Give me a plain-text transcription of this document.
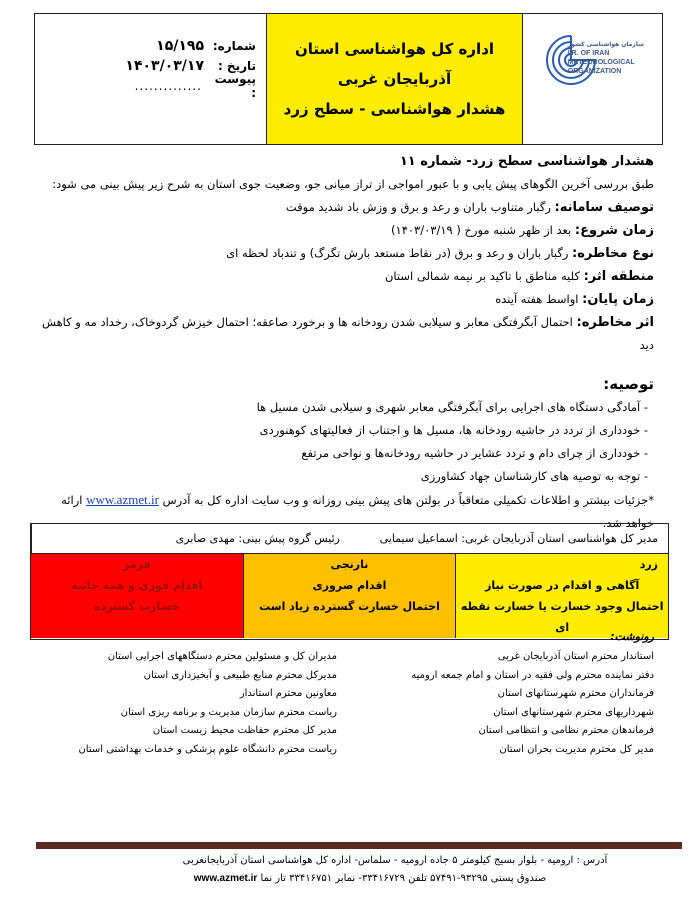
سازمان هواشناسی کشور
I.R. OF IRAN
METEOROLOGICAL
ORGANIZATION
اداره کل هواشناسی استان آذربایجان غربی
هشدار هواشناسی - سطح زرد
شماره:
۱۵/۱۹۵
تاریخ :
۱۴۰۳/۰۳/۱۷
پیوست :
..............
هشدار هواشناسی سطح زرد- شماره ۱۱
طبق بررسی آخرین الگوهای پیش یابی و با عبور امواجی از تراز میانی جو، وضعیت جوی استان به شرح زیر پیش بینی می شود:
توصیف سامانه: رگبار متناوب باران و رعد و برق و وزش باد شدید موقت
زمان شروع: بعد از ظهر شنبه مورخ ( ۱۴۰۳/۰۳/۱۹)
نوع مخاطره: رگبار باران و رعد و برق (در نقاط مستعد بارش تگرگ) و تندباد لحظه ای
منطقه اثر: کلیه مناطق با تاکید بر نیمه شمالی استان
زمان پایان: اواسط هفته آینده
اثر مخاطره: احتمال آبگرفتگی معابر و سیلابی شدن رودخانه ها و برخورد صاعقه؛ احتمال خیزش گردوخاک، رخداد مه و کاهش دید
توصیه:
- آمادگی دستگاه های اجرایی برای آبگرفتگی معابر شهری و سیلابی شدن مسیل ها
- خودداری از تردد در حاشیه رودخانه ها، مسیل ها و اجتناب از فعالیتهای کوهنوردی
- خودداری از چرای دام و تردد عشایر در حاشیه رودخانه‌ها و نواحی مرتفع
- توجه به توصیه های کارشناسان جهاد کشاورزی
*جزئیات بیشتر و اطلاعات تکمیلی متعاقباً در بولتن های پیش بینی روزانه و وب سایت اداره کل به آدرس www.azmet.ir ارائه خواهد شد.
رئیس گروه پیش بینی: مهدی صابری	مدیر کل هواشناسی استان آذربایجان غربی: اسماعیل سیمایی
زرد
آگاهی و اقدام در صورت نیاز
احتمال وجود خسارت یا خسارت نقطه ای
نارنجی
اقدام ضروری
احتمال خسارت گسترده زیاد است
قرمز
اقدام فوری و همه جانبه
خسارت گسترده
رونوشت:
استاندار محترم استان آذربایجان غربی
دفتر نماینده محترم ولی فقیه در استان و امام جمعه ارومیه
فرمانداران محترم شهرستانهای استان
شهرداریهای محترم شهرستانهای استان
فرماندهان محترم نظامی و انتظامی استان
مدیر کل محترم مدیریت بحران استان
مدیران کل و مسئولین محترم دستگاههای اجرایی استان
مدیرکل محترم منابع طبیعی و آبخیزداری استان
معاونین محترم استاندار
ریاست محترم سازمان مدیریت و برنامه ریزی استان
مدیر کل محترم حفاظت محیط زیست استان
ریاست محترم دانشگاه علوم پزشکی و خدمات بهداشتی استان
آدرس : ارومیه - بلوار بسیج کیلومتر ۵ جاده ارومیه - سلماس- اداره کل هواشناسی استان آذربایجانغربی
صندوق پستی ۹۳۲۹۵-۵۷۴۹۱ تلفن ۳۳۴۱۶۷۲۹- نمابر ۳۳۴۱۶۷۵۱ تار نما www.azmet.ir
